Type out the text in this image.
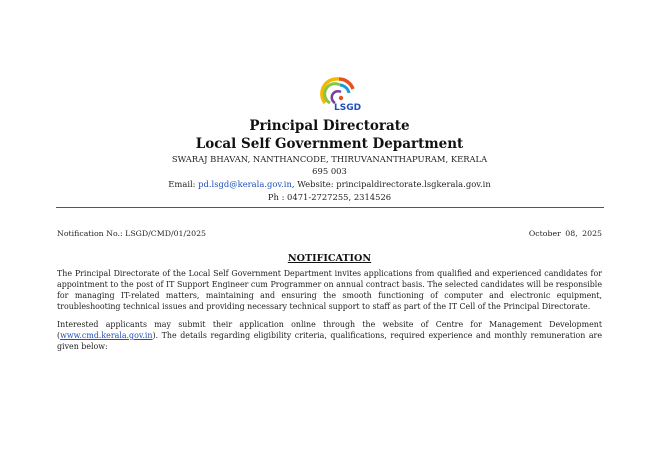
LSGD
Principal Directorate
Local Self Government Department
SWARAJ BHAVAN, NANTHANCODE, THIRUVANANTHAPURAM, KERALA
695 003
Email: pd.lsgd@kerala.gov.in, Website: principaldirectorate.lsgkerala.gov.in
Ph : 0471-2727255, 2314526
Notification No.: LSGD/CMD/01/2025	October 08, 2025
NOTIFICATION

The Principal Directorate of the Local Self Government Department invites applications from qualified and experienced candidates for appointment to the post of IT Support Engineer cum Programmer on annual contract basis. The selected candidates will be responsible for managing IT-related matters, maintaining and ensuring the smooth functioning of computer and electronic equipment, troubleshooting technical issues and providing necessary technical support to staff as part of the IT Cell of the Principal Directorate.

Interested applicants may submit their application online through the website of Centre for Management Development (www.cmd.kerala.gov.in). The details regarding eligibility criteria, qualifications, required experience and monthly remuneration are given below:
